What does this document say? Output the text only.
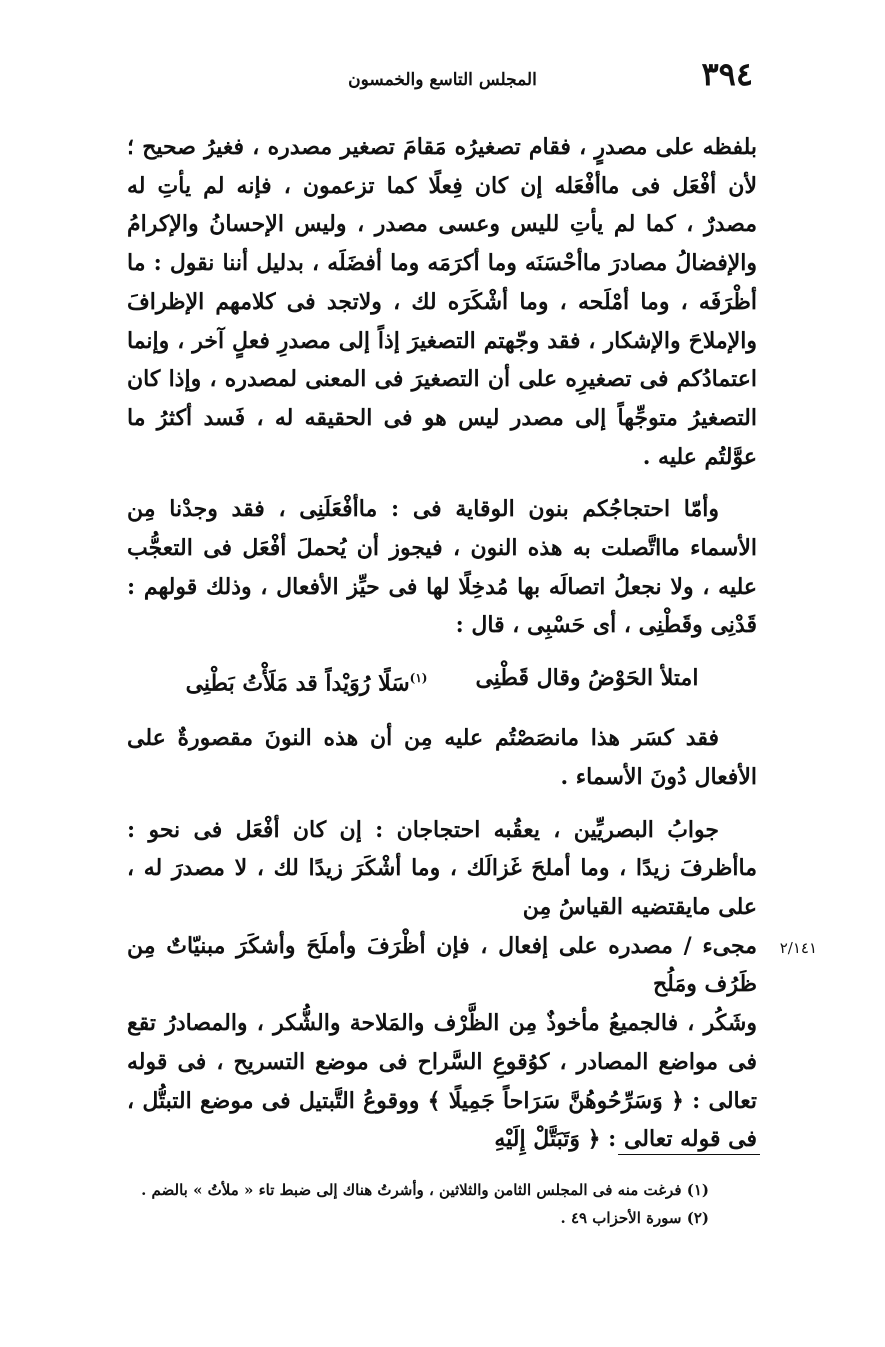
٣٩٤
المجلس التاسع والخمسون

بلفظه على مصدرٍ ، فقام تصغيرُه مَقامَ تصغير مصدره ، فغيرُ صحيح ؛ لأن أفْعَل فى ماأفْعَله إن كان فِعلًا كما تزعمون ، فإنه لم يأتِ له مصدرٌ ، كما لم يأتِ لليس وعسى مصدر ، وليس الإحسانُ والإكرامُ والإفضالُ مصادرَ ماأحْسَنَه وما أكرَمَه وما أفضَلَه ، بدليل أننا نقول : ما أظْرَفَه ، وما أمْلَحه ، وما أشْكَرَه لك ، ولاتجد فى كلامهم الإظرافَ والإملاحَ والإشكار ، فقد وجّهتم التصغيرَ إذاً إلى مصدرِ فعلٍ آخر ، وإنما اعتمادُكم فى تصغيرِه على أن التصغيرَ فى المعنى لمصدره ، وإذا كان التصغيرُ متوجِّهاً إلى مصدر ليس هو فى الحقيقه له ، فَسد أكثرُ ما عوَّلتُم عليه .

وأمّا احتجاجُكم بنون الوقاية فى : ماأفْعَلَنِى ، فقد وجدْنا مِن الأسماء مااتَّصلت به هذه النون ، فيجوز أن يُحملَ أفْعَل فى التعجُّب عليه ، ولا نجعلُ اتصالَه بها مُدخِلًا لها فى حيِّز الأفعال ، وذلك قولهم : قَدْنِى وقَطْنِى ، أى حَسْبِى ، قال :

امتلأ الحَوْضُ وقال قَطْنِى
$^{(١)}$سَلًا رُوَيْداً قد مَلَأْتُ بَطْنِى

فقد كسَر هذا مانصَصْتُم عليه مِن أن هذه النونَ مقصورةٌ على الأفعال دُونَ الأسماء .

جوابُ البصريِّين ، يعقُبه احتجاجان : إن كان أفْعَل فى نحو : ماأظرفَ زيدًا ، وما أملحَ غَزالَك ، وما أشْكَرَ زيدًا لك ، لا مصدرَ له ، على مايقتضيه القياسُ مِن

٢/١٤١
مجىء / مصدره على إفعال ، فإن أظْرَفَ وأملَحَ وأشكَرَ مبنيّاتٌ مِن ظَرُف ومَلُح

وشَكُر ، فالجميعُ مأخوذٌ مِن الظَّرْف والمَلاحة والشُّكر ، والمصادرُ تقع فى مواضع المصادر ، كوُقوعِ السَّراح فى موضع التسريح ، فى قوله تعالى : ﴿ وَسَرِّحُوهُنَّ سَرَاحاً جَمِيلًا ﴾ ووقوعُ التَّبتيل فى موضع التبتُّل ، فى قوله تعالى : ﴿ وَتَبَتَّلْ إِلَيْهِ

(١) فرغت منه فى المجلس الثامن والثلاثين ، وأشرتُ هناك إلى ضبط تاء « ملأتُ » بالضم .
(٢) سورة الأحزاب ٤٩ .
